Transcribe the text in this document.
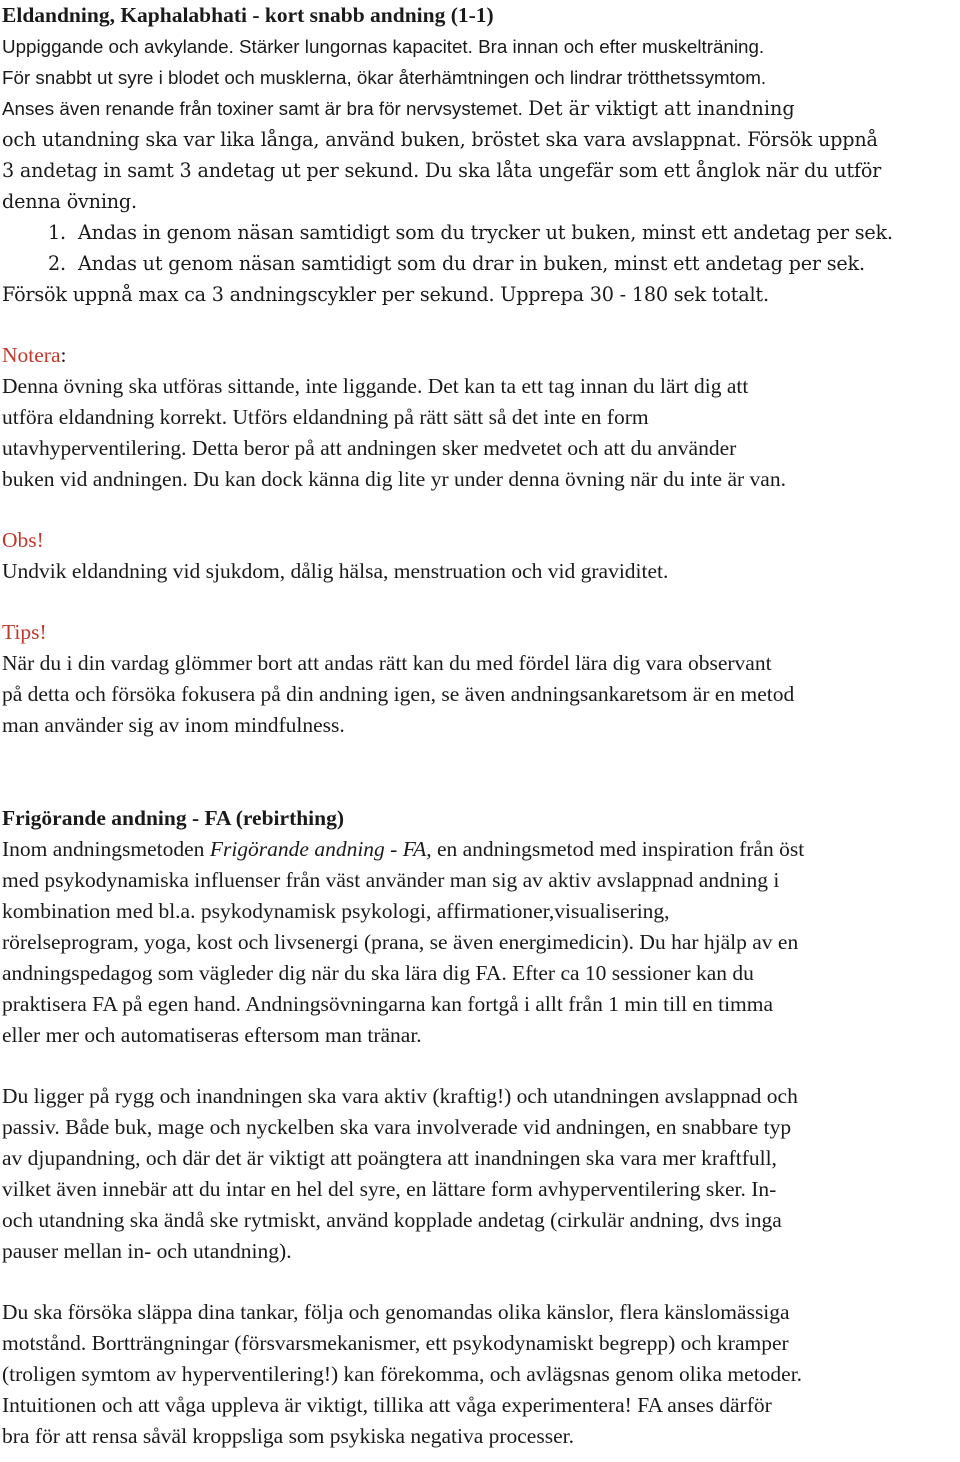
Eldandning, Kaphalabhati - kort snabb andning (1-1)

Uppiggande och avkylande. Stärker lungornas kapacitet. Bra innan och efter muskelträning.

För snabbt ut syre i blodet och musklerna, ökar återhämtningen och lindrar trötthetssymtom.

Anses även renande från toxiner samt är bra för nervsystemet. Det är viktigt att inandning

och utandning ska var lika långa, använd buken, bröstet ska vara avslappnat. Försök uppnå

3 andetag in samt 3 andetag ut per sekund. Du ska låta ungefär som ett ånglok när du utför

denna övning.

1. Andas in genom näsan samtidigt som du trycker ut buken, minst ett andetag per sek.

2. Andas ut genom näsan samtidigt som du drar in buken, minst ett andetag per sek.

Försök uppnå max ca 3 andningscykler per sekund. Upprepa 30 - 180 sek totalt.

Notera:

Denna övning ska utföras sittande, inte liggande. Det kan ta ett tag innan du lärt dig att

utföra eldandning korrekt. Utförs eldandning på rätt sätt så det inte en form

utavhyperventilering. Detta beror på att andningen sker medvetet och att du använder

buken vid andningen. Du kan dock känna dig lite yr under denna övning när du inte är van.

Obs!

Undvik eldandning vid sjukdom, dålig hälsa, menstruation och vid graviditet.

Tips!

När du i din vardag glömmer bort att andas rätt kan du med fördel lära dig vara observant

på detta och försöka fokusera på din andning igen, se även andningsankaretsom är en metod

man använder sig av inom mindfulness.

Frigörande andning - FA (rebirthing)

Inom andningsmetoden Frigörande andning - FA, en andningsmetod med inspiration från öst

med psykodynamiska influenser från väst använder man sig av aktiv avslappnad andning i

kombination med bl.a. psykodynamisk psykologi, affirmationer,visualisering,

rörelseprogram, yoga, kost och livsenergi (prana, se även energimedicin). Du har hjälp av en

andningspedagog som vägleder dig när du ska lära dig FA. Efter ca 10 sessioner kan du

praktisera FA på egen hand. Andningsövningarna kan fortgå i allt från 1 min till en timma

eller mer och automatiseras eftersom man tränar.

Du ligger på rygg och inandningen ska vara aktiv (kraftig!) och utandningen avslappnad och

passiv. Både buk, mage och nyckelben ska vara involverade vid andningen, en snabbare typ

av djupandning, och där det är viktigt att poängtera att inandningen ska vara mer kraftfull,

vilket även innebär att du intar en hel del syre, en lättare form avhyperventilering sker. In-

och utandning ska ändå ske rytmiskt, använd kopplade andetag (cirkulär andning, dvs inga

pauser mellan in- och utandning).

Du ska försöka släppa dina tankar, följa och genomandas olika känslor, flera känslomässiga

motstånd. Bortträngningar (försvarsmekanismer, ett psykodynamiskt begrepp) och kramper

(troligen symtom av hyperventilering!) kan förekomma, och avlägsnas genom olika metoder.

Intuitionen och att våga uppleva är viktigt, tillika att våga experimentera! FA anses därför

bra för att rensa såväl kroppsliga som psykiska negativa processer.
